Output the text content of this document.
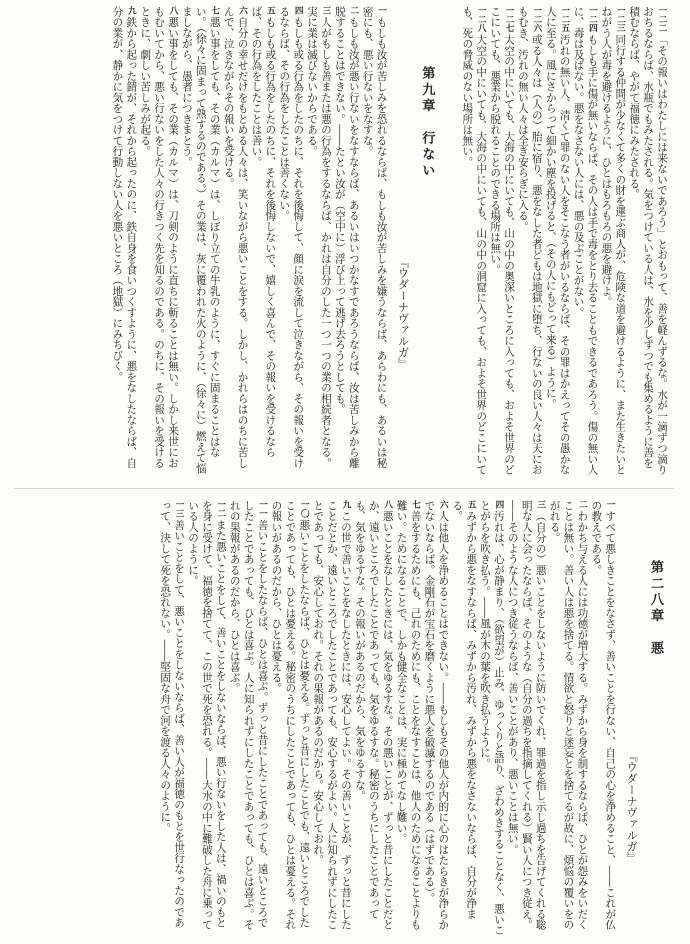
一二二「その報いはわたしには来ないであろう」とおもって、善を軽んずるな。水が一滴ずつ滴りおちるならば、水瓶でもみたされる。気をつけている人は、水を少しずつでも集めるように善を積むならば、やがて福徳にみたされる。

一二三同行する仲間が少なくて多くの財を運ぶ商人が、危険な道を避けるように、また生きたいとねがう人が毒を避けるように、ひとはもろもろの悪を避けよ。

一二四もしも手に傷が無いならば、その人は手で毒をとり去ることもできるであろう。傷の無い人に、毒は及ばない。悪をなさない人には、悪の及ぶことがない。

一二五汚れの無い人、清くて罪のない人をそこなう者がいるならば、その罪はかえってその愚かな人に至る。風にさからって細かい塵を投げると、（その人にもどって来る）ように。

一二六或る人々は（人の）胎に宿り、悪をなした者どもは地獄に堕ち、行ないの良い人々は天におもむき、汚れの無い人々は全き安らぎに入る。

一二七大空の中にいても、大海の中にいても、山の中の奥深いところに入っても、およそ世界のどこにいても、悪業から脱れることのできる場所は無い。

一二八大空の中にいても、大海の中にいても、山の中の洞窟に入っても、およそ世界のどこにいても、死の脅威のない場所は無い。

第九章　行ない
『ウダーナヴァルガ』

一もしも汝が苦しみを恐れるならば、もしも汝が苦しみを嫌うならば、あらわにも、あるいは秘密にも、悪い行ないをなすな。

二もしも汝が悪い行ないをなすならば、あるいはいつかなすであろうならば、汝は苦しみから離脱することはできない。――たとい汝が（空中に）浮び上って逃げ去ろうとしても。

三人がもしも善または悪の行為をするならば、かれは自分のした一つ一つの業の相続者となる。実に業は滅びないからである。

四もしも或る行為をしたのちに、それを後悔して、顔に涙を流して泣きながら、その報いを受けるならば、その行為をしたことは善くない。

五もしも或る行為をしたのちに、それを後悔しないで、嬉しく喜んで、その報いを受けるならば、その行為をしたことは善い。

六自分の幸せだけをもとめる人々は、笑いながら悪いことをする。しかし、かれらはのちに苦しんで、泣きながらその報いを受ける。

七悪い事をしても、その業（カルマ）は、しぼり立ての牛乳のように、すぐに固まることはない。（徐々に固まって熟するのである。）その業は、灰に覆われた火のように、（徐々に）燃えて悩ましながら、愚者につきまとう。

八悪い事をしても、その業（カルマ）は、刀剣のように直ちに斬ることは無い。しかし来世におもむいてから、悪い行ないをした人々の行きつく先を知るのである。のちに、その報いを受けるときに、劇しい苦しみが起る。

九鉄から起った錆が、それから起ったのに、鉄自身を食いつくすように、悪をなしたならば、自分の業が、静かに気をつけて行動しない人を悪いところ（地獄）にみちびく。

第二八章　悪
『ウダーナヴァルガ』

一すべて悪しきことをなさず、善いことを行ない、自己の心を浄めること、――これが仏の教えである。

二わかち与える人には功徳が増大する。みずから身を制するならば、ひとが怨みをいだくことは無い。善い人は悪を捨てる。情欲と怒りと迷妄とを捨てるが故に、煩悩の覆いをのがれる。

三（自分の）悪いことをしないように防いでくれ、罪過を指し示し過ちを告げてくれる聡明な人に会ったならば、そのような（自分の過ちを指摘してくれる）賢い人につき従え。――そのような人につき従うならば、善いことがあり、悪いことは無い。

四汚れは、心が静まり、（欲望が）止み、ゆっくりと語り、ざわめきすることなく、悪いことがらを吹き払う。――風が木の葉を吹き払うように。

五みずから悪をなすならば、みずから汚れ、みずから悪をなさないならば、自分が浄まる。

六人は他人を浄めることはできない。――もしもその他人が内的に心のはたらきが浄らかでないならば。金剛石が宝石を磨くように悪人を破滅するのである（はずである）。

七善をするためにも、己れのためにも、ことをなすことは、他人のためになることよりも難い。ためになることで、しかも健全なことは、実に極めてなし難い。

八悪いことをなしたときには、気をゆるすな。その悪いことが、ずっと昔にしたことだとか、遠いところでしたことであっても、気をゆるすな。秘密のうちにしたことであっても、気をゆるすな。その報いがあるのだから、気をゆるすな。

九この世で善いことをなしたときには、安心してよい。その善いことが、ずっと昔にしたことだとか、遠いところでしたことであっても、安心するがよい。人に知られずにしたことであっても、安心しておれ。それの果報があるのだから。安心しておれ。

一〇悪いことをしたならば、ひとは憂える。ずっと昔にしたことでも、遠いところでしたことであっても、ひとは憂える。秘密のうちにしたことであっても、ひとは憂える。それの報いがあるのだから、ひとは憂える。

一一善いことをしたならば、ひとは喜ぶ。ずっと昔にしたことであっても、遠いところでしたことであっても、ひとは喜ぶ。人に知られずにしたことであっても、ひとは喜ぶ。それの果報があるのだから、ひとは喜ぶ。

一二また悪いことをして、善いことをしないならば、悪い行ないをした人は、禍いのもとを身に受けて、福徳を捨てて、この世で死を恐れる。――大水の中に難破した舟に乗っている人のように。

一三善いことをして、悪いことをしないならば、善い人が福徳のもとを世行なったのであって、決して死を恐れない。――堅固な舟で河を渡る人々のように。
